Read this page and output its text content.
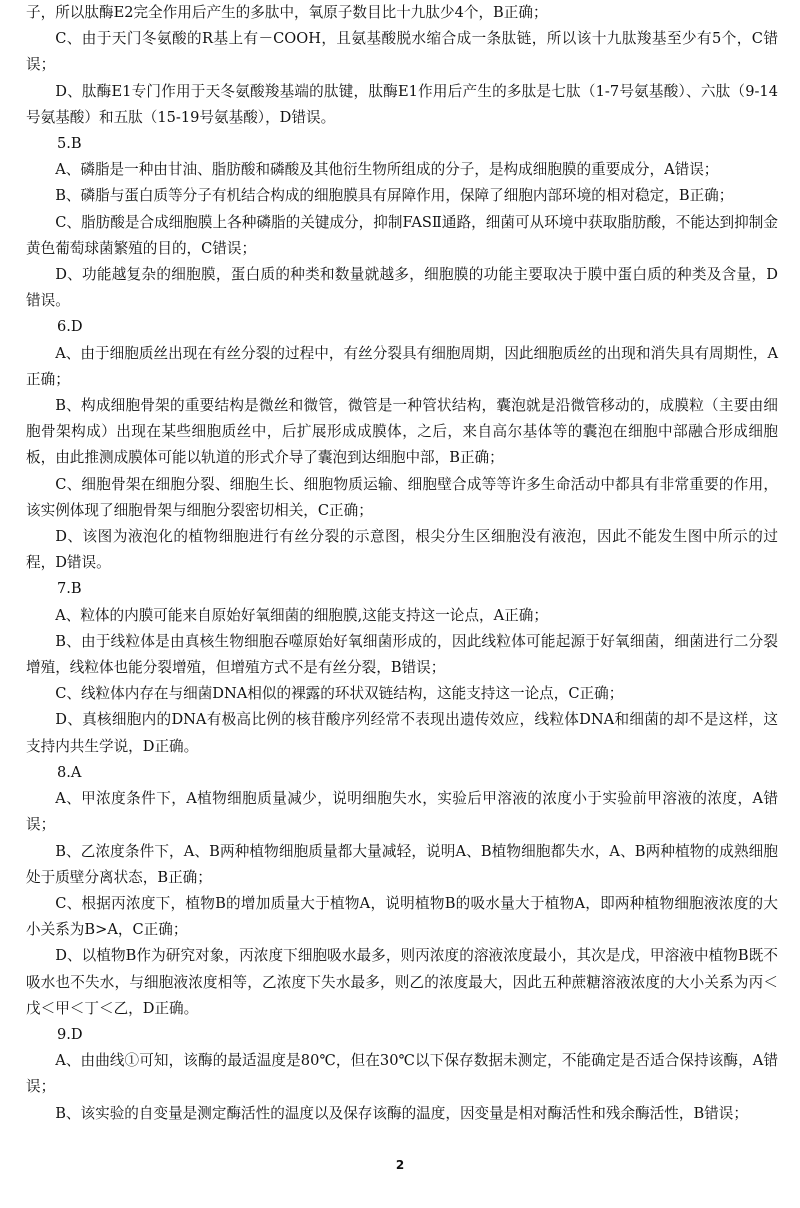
子，所以肽酶E2完全作用后产生的多肽中，氧原子数目比十九肽少4个，B正确；

C、由于天门冬氨酸的R基上有－COOH，且氨基酸脱水缩合成一条肽链，所以该十九肽羧基至少有5个，C错误；

D、肽酶E1专门作用于天冬氨酸羧基端的肽键，肽酶E1作用后产生的多肽是七肽（1-7号氨基酸）、六肽（9-14号氨基酸）和五肽（15-19号氨基酸），D错误。

5.B

A、磷脂是一种由甘油、脂肪酸和磷酸及其他衍生物所组成的分子，是构成细胞膜的重要成分，A错误；

B、磷脂与蛋白质等分子有机结合构成的细胞膜具有屏障作用，保障了细胞内部环境的相对稳定，B正确；

C、脂肪酸是合成细胞膜上各种磷脂的关键成分，抑制FASⅡ通路，细菌可从环境中获取脂肪酸，不能达到抑制金黄色葡萄球菌繁殖的目的，C错误；

D、功能越复杂的细胞膜，蛋白质的种类和数量就越多，细胞膜的功能主要取决于膜中蛋白质的种类及含量，D错误。

6.D

A、由于细胞质丝出现在有丝分裂的过程中，有丝分裂具有细胞周期，因此细胞质丝的出现和消失具有周期性，A正确；

B、构成细胞骨架的重要结构是微丝和微管，微管是一种管状结构，囊泡就是沿微管移动的，成膜粒（主要由细胞骨架构成）出现在某些细胞质丝中，后扩展形成成膜体，之后，来自高尔基体等的囊泡在细胞中部融合形成细胞板，由此推测成膜体可能以轨道的形式介导了囊泡到达细胞中部，B正确；

C、细胞骨架在细胞分裂、细胞生长、细胞物质运输、细胞壁合成等等许多生命活动中都具有非常重要的作用，该实例体现了细胞骨架与细胞分裂密切相关，C正确；

D、该图为液泡化的植物细胞进行有丝分裂的示意图，根尖分生区细胞没有液泡，因此不能发生图中所示的过程，D错误。

7.B

A、粒体的内膜可能来自原始好氧细菌的细胞膜,这能支持这一论点，A正确；

B、由于线粒体是由真核生物细胞吞噬原始好氧细菌形成的，因此线粒体可能起源于好氧细菌，细菌进行二分裂增殖，线粒体也能分裂增殖，但增殖方式不是有丝分裂，B错误；

C、线粒体内存在与细菌DNA相似的裸露的环状双链结构，这能支持这一论点，C正确；

D、真核细胞内的DNA有极高比例的核苷酸序列经常不表现出遗传效应，线粒体DNA和细菌的却不是这样，这支持内共生学说，D正确。

8.A

A、甲浓度条件下，A植物细胞质量减少，说明细胞失水，实验后甲溶液的浓度小于实验前甲溶液的浓度，A错误；

B、乙浓度条件下，A、B两种植物细胞质量都大量减轻，说明A、B植物细胞都失水，A、B两种植物的成熟细胞处于质壁分离状态，B正确；

C、根据丙浓度下，植物B的增加质量大于植物A，说明植物B的吸水量大于植物A，即两种植物细胞液浓度的大小关系为B>A，C正确；

D、以植物B作为研究对象，丙浓度下细胞吸水最多，则丙浓度的溶液浓度最小，其次是戊，甲溶液中植物B既不吸水也不失水，与细胞液浓度相等，乙浓度下失水最多，则乙的浓度最大，因此五种蔗糖溶液浓度的大小关系为丙＜戊＜甲＜丁＜乙，D正确。

9.D

A、由曲线①可知，该酶的最适温度是80℃，但在30℃以下保存数据未测定，不能确定是否适合保持该酶，A错误；

B、该实验的自变量是测定酶活性的温度以及保存该酶的温度，因变量是相对酶活性和残余酶活性，B错误；

2
